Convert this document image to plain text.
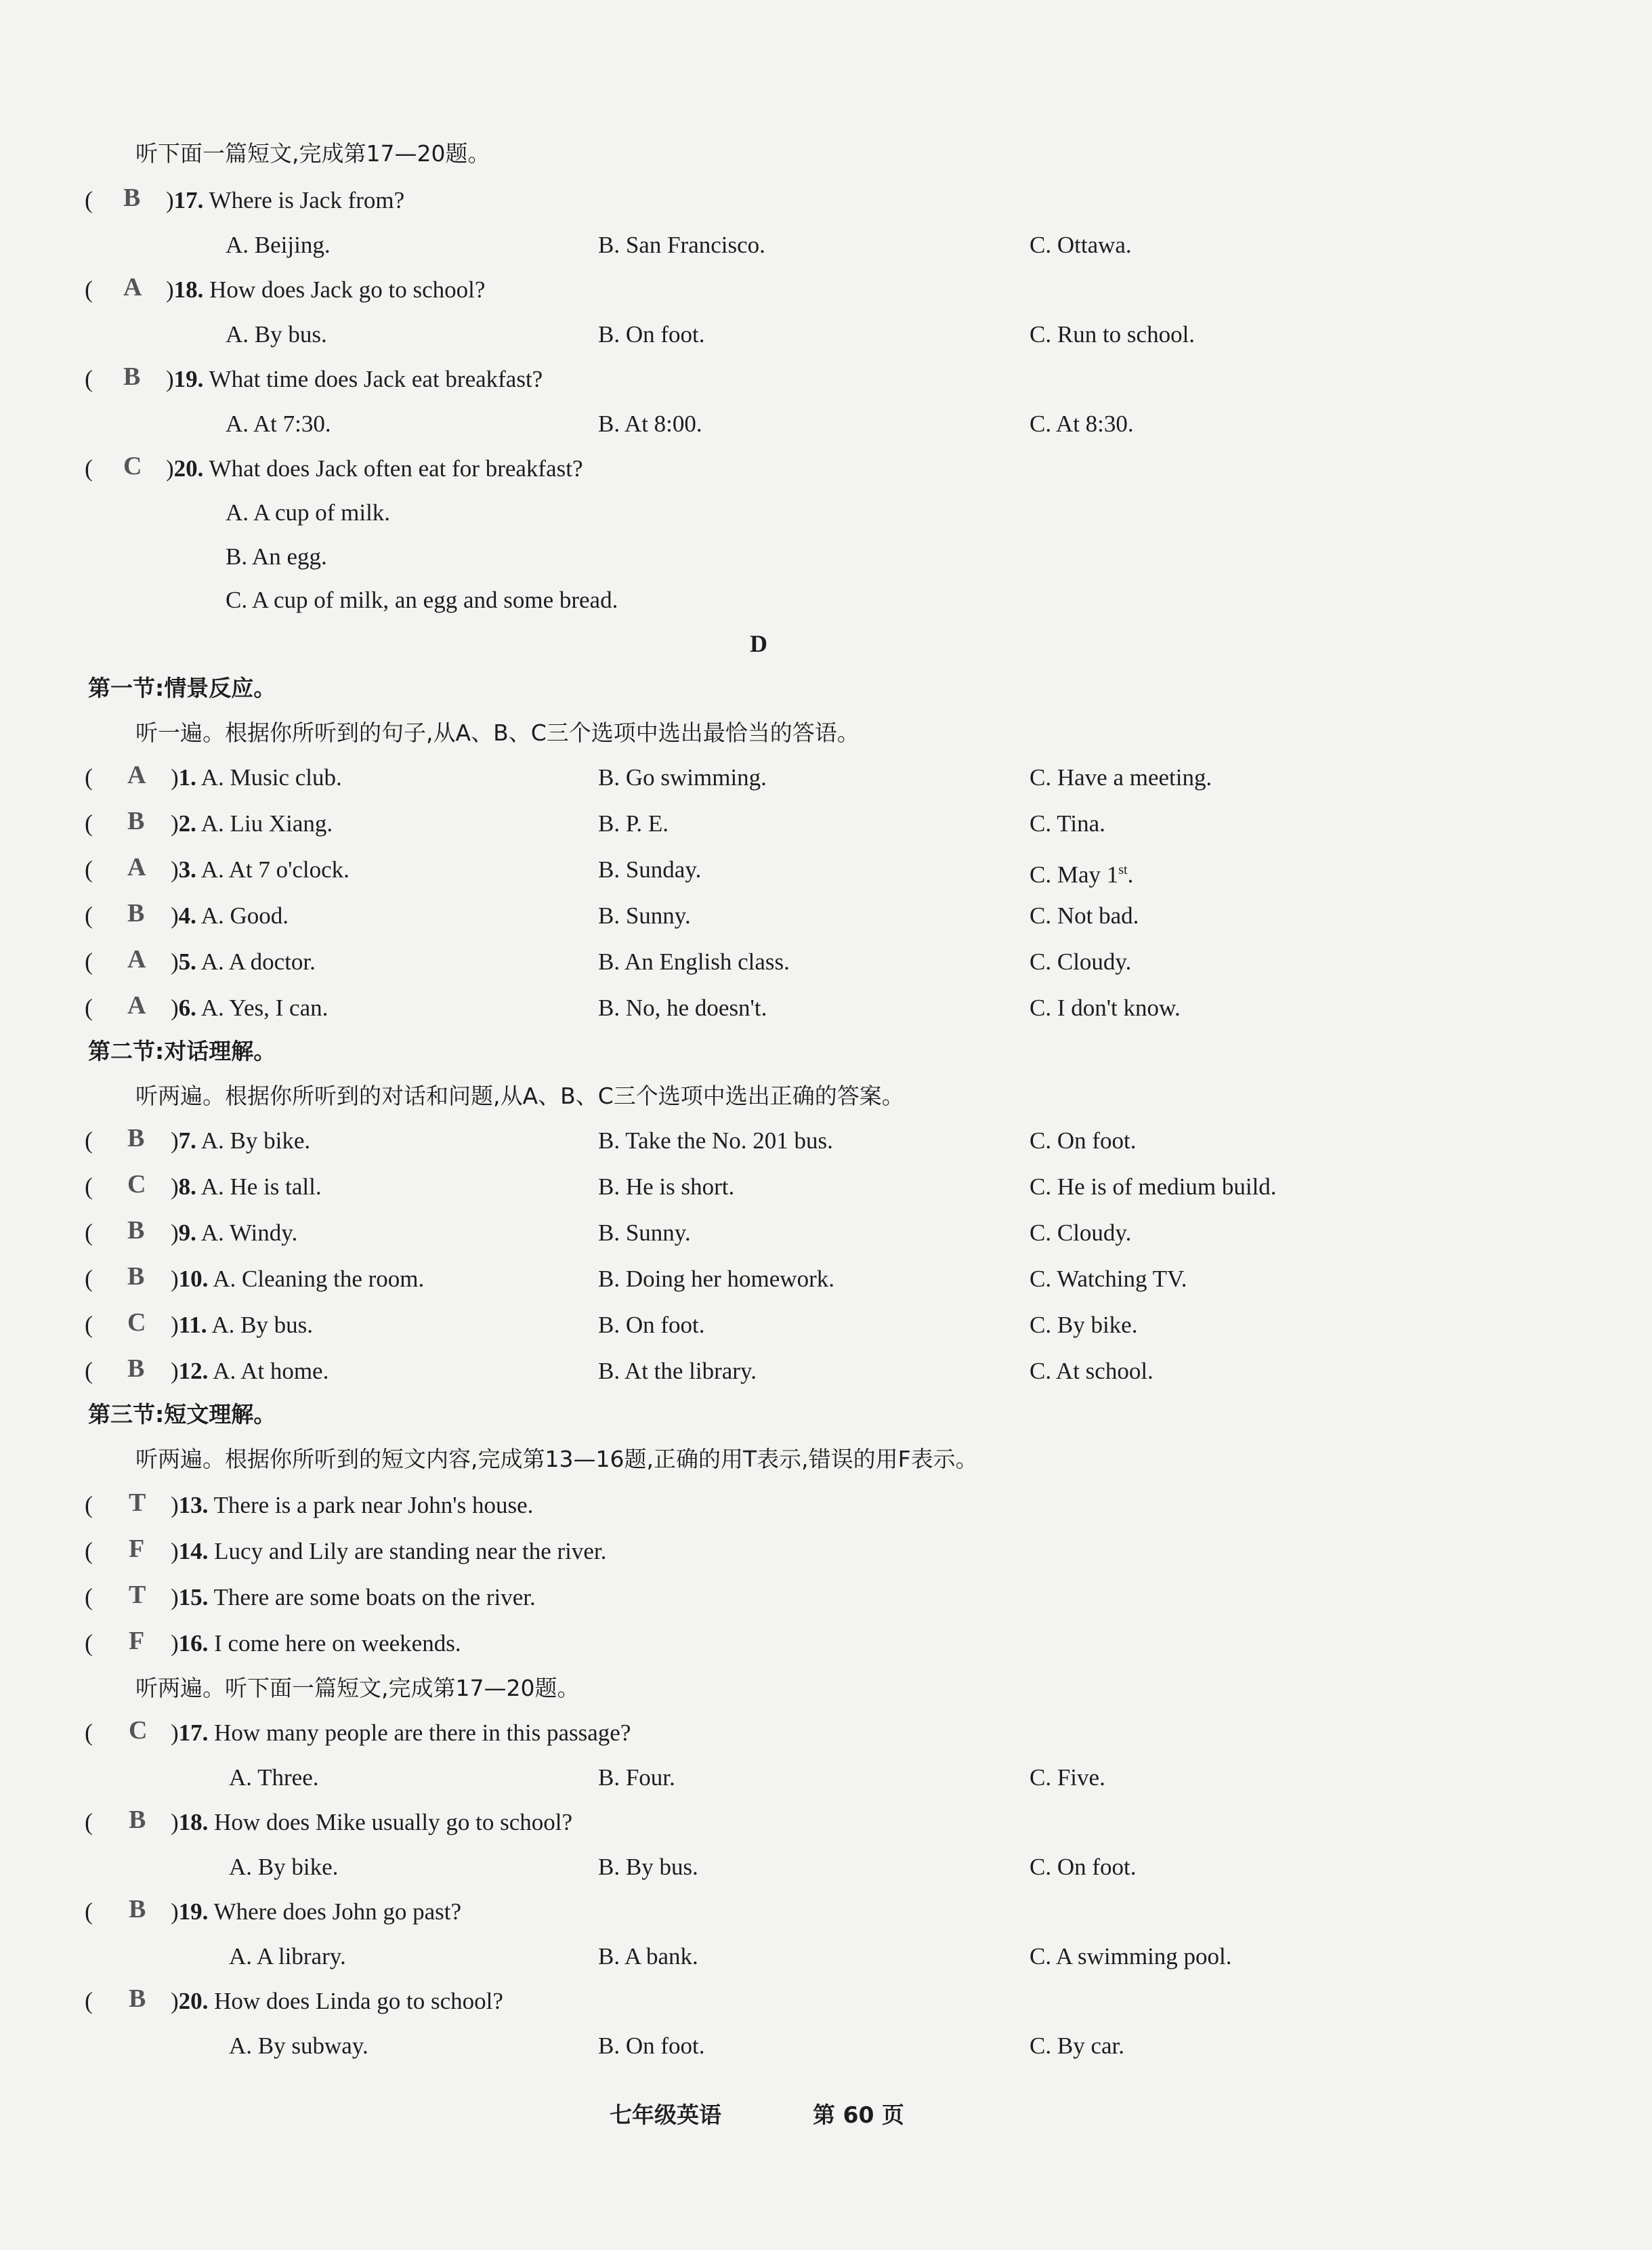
听下面一篇短文,完成第17—20题。
( B )17. Where is Jack from?
A. Beijing.	B. San Francisco.	C. Ottawa.
( A )18. How does Jack go to school?
A. By bus.	B. On foot.	C. Run to school.
( B )19. What time does Jack eat breakfast?
A. At 7:30.	B. At 8:00.	C. At 8:30.
( C )20. What does Jack often eat for breakfast?
A. A cup of milk.
B. An egg.
C. A cup of milk, an egg and some bread.
D
第一节:情景反应。
听一遍。根据你所听到的句子,从A、B、C三个选项中选出最恰当的答语。
( A )1. A. Music club.	B. Go swimming.	C. Have a meeting.
( B )2. A. Liu Xiang.	B. P. E.	C. Tina.
( A )3. A. At 7 o'clock.	B. Sunday.	C. May 1st.
( B )4. A. Good.	B. Sunny.	C. Not bad.
( A )5. A. A doctor.	B. An English class.	C. Cloudy.
( A )6. A. Yes, I can.	B. No, he doesn't.	C. I don't know.
第二节:对话理解。
听两遍。根据你所听到的对话和问题,从A、B、C三个选项中选出正确的答案。
( B )7. A. By bike.	B. Take the No. 201 bus.	C. On foot.
( C )8. A. He is tall.	B. He is short.	C. He is of medium build.
( B )9. A. Windy.	B. Sunny.	C. Cloudy.
( B )10. A. Cleaning the room.	B. Doing her homework.	C. Watching TV.
( C )11. A. By bus.	B. On foot.	C. By bike.
( B )12. A. At home.	B. At the library.	C. At school.
第三节:短文理解。
听两遍。根据你所听到的短文内容,完成第13—16题,正确的用T表示,错误的用F表示。
( T )13. There is a park near John's house.
( F )14. Lucy and Lily are standing near the river.
( T )15. There are some boats on the river.
( F )16. I come here on weekends.
听两遍。听下面一篇短文,完成第17—20题。
( C )17. How many people are there in this passage?
A. Three.	B. Four.	C. Five.
( B )18. How does Mike usually go to school?
A. By bike.	B. By bus.	C. On foot.
( B )19. Where does John go past?
A. A library.	B. A bank.	C. A swimming pool.
( B )20. How does Linda go to school?
A. By subway.	B. On foot.	C. By car.
七年级英语	第 60 页
